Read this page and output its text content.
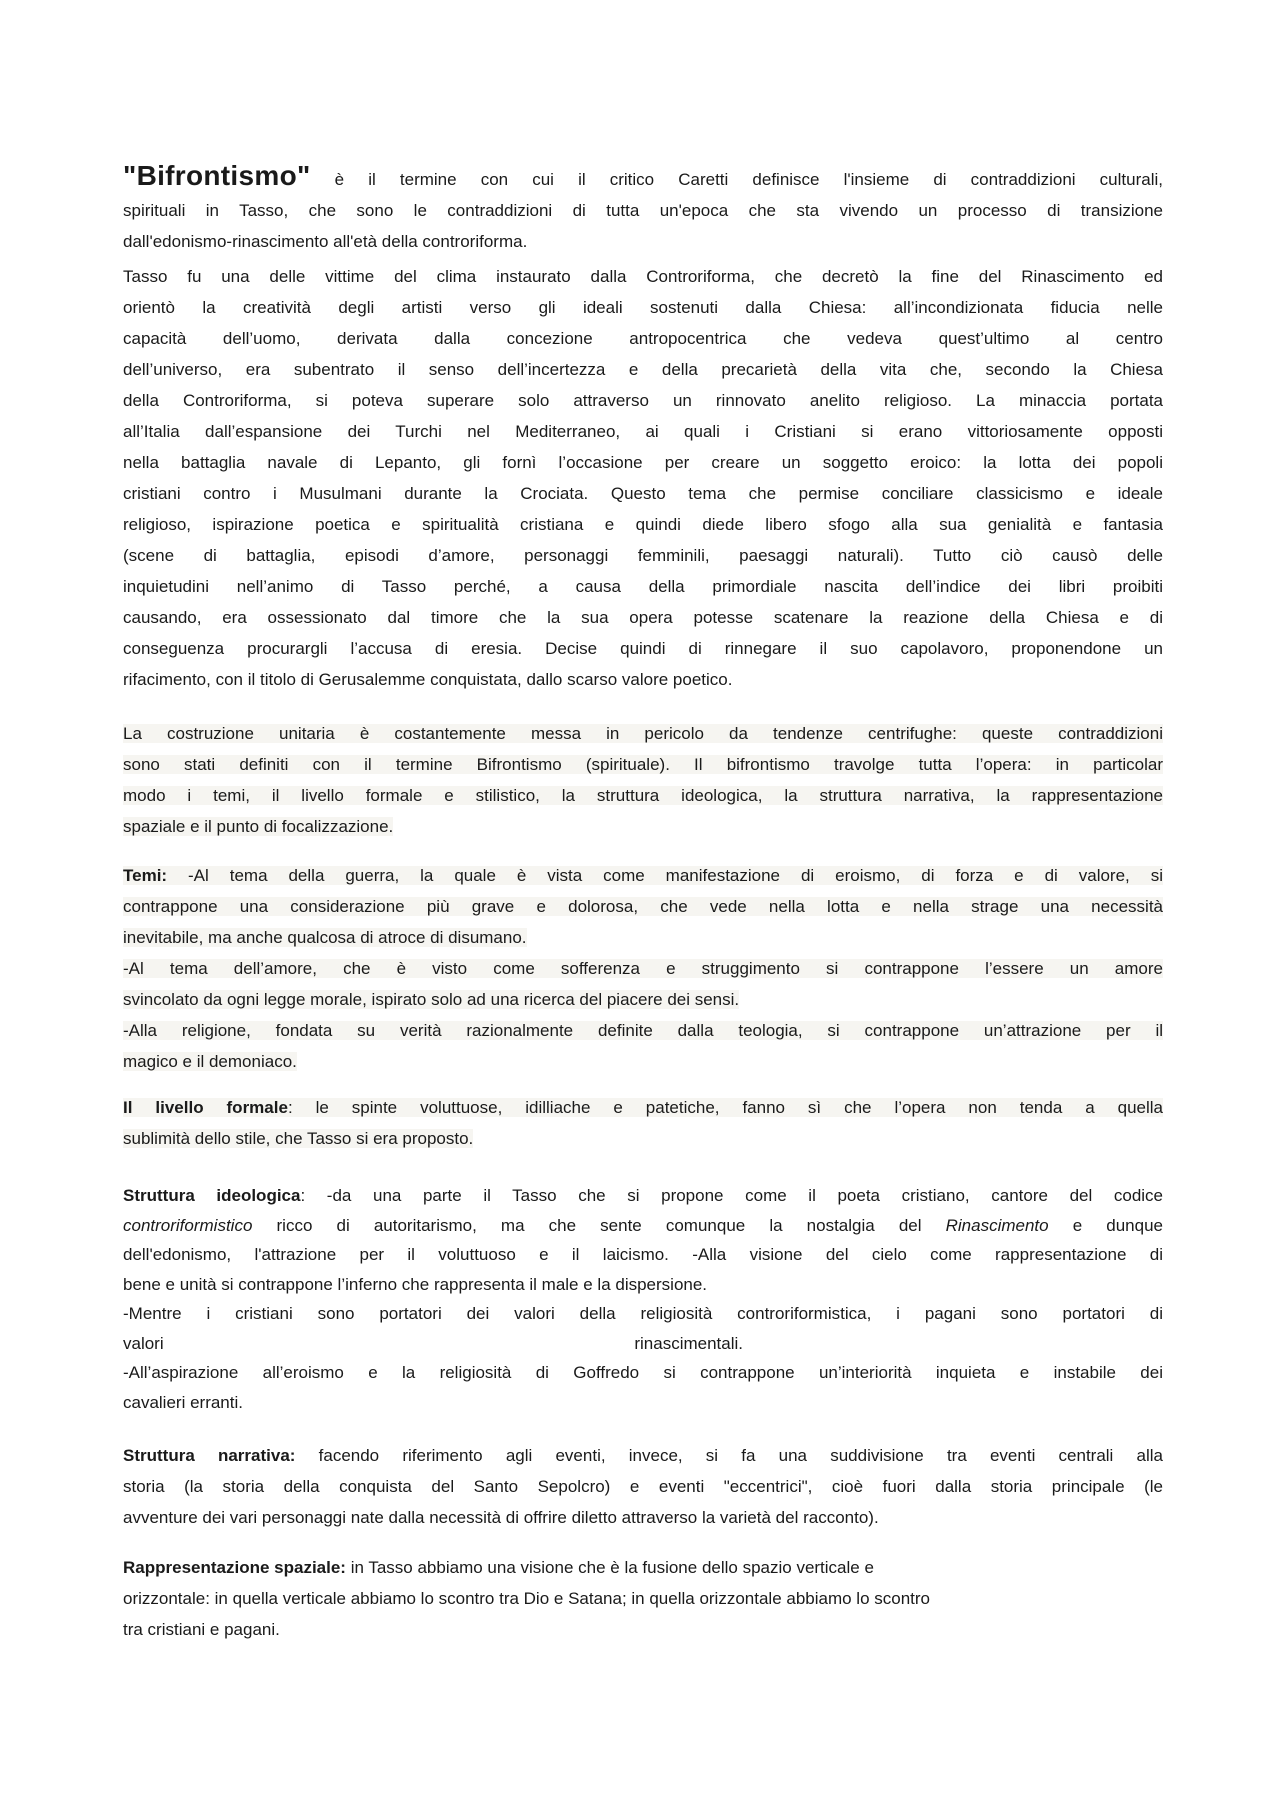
"Bifrontismo" è il termine con cui il critico Caretti definisce l'insieme di contraddizioni culturali,
spirituali in Tasso, che sono le contraddizioni di tutta un'epoca che sta vivendo un processo di transizione
dall'edonismo-rinascimento all'età della controriforma.
Tasso fu una delle vittime del clima instaurato dalla Controriforma, che decretò la fine del Rinascimento ed
orientò la creatività degli artisti verso gli ideali sostenuti dalla Chiesa: all’incondizionata fiducia nelle
capacità dell’uomo, derivata dalla concezione antropocentrica che vedeva quest’ultimo al centro
dell’universo, era subentrato il senso dell’incertezza e della precarietà della vita che, secondo la Chiesa
della Controriforma, si poteva superare solo attraverso un rinnovato anelito religioso. La minaccia portata
all’Italia dall’espansione dei Turchi nel Mediterraneo, ai quali i Cristiani si erano vittoriosamente opposti
nella battaglia navale di Lepanto, gli fornì l’occasione per creare un soggetto eroico: la lotta dei popoli
cristiani contro i Musulmani durante la Crociata. Questo tema che permise conciliare classicismo e ideale
religioso, ispirazione poetica e spiritualità cristiana e quindi diede libero sfogo alla sua genialità e fantasia
(scene di battaglia, episodi d’amore, personaggi femminili, paesaggi naturali). Tutto ciò causò delle
inquietudini nell’animo di Tasso perché, a causa della primordiale nascita dell’indice dei libri proibiti
causando, era ossessionato dal timore che la sua opera potesse scatenare la reazione della Chiesa e di
conseguenza procurargli l’accusa di eresia. Decise quindi di rinnegare il suo capolavoro, proponendone un
rifacimento, con il titolo di Gerusalemme conquistata, dallo scarso valore poetico.
La costruzione unitaria è costantemente messa in pericolo da tendenze centrifughe: queste contraddizioni
sono stati definiti con il termine Bifrontismo (spirituale). Il bifrontismo travolge tutta l’opera: in particolar
modo i temi, il livello formale e stilistico, la struttura ideologica, la struttura narrativa, la rappresentazione
spaziale e il punto di focalizzazione.
Temi: -Al tema della guerra, la quale è vista come manifestazione di eroismo, di forza e di valore, si
contrappone una considerazione più grave e dolorosa, che vede nella lotta e nella strage una necessità
inevitabile, ma anche qualcosa di atroce di disumano.
-Al tema dell’amore, che è visto come sofferenza e struggimento si contrappone l’essere un amore
svincolato da ogni legge morale, ispirato solo ad una ricerca del piacere dei sensi.
-Alla religione, fondata su verità razionalmente definite dalla teologia, si contrappone un’attrazione per il
magico e il demoniaco.
Il livello formale: le spinte voluttuose, idilliache e patetiche, fanno sì che l’opera non tenda a quella
sublimità dello stile, che Tasso si era proposto.
Struttura ideologica: -da una parte il Tasso che si propone come il poeta cristiano, cantore del codice
controriformistico ricco di autoritarismo, ma che sente comunque la nostalgia del Rinascimento e dunque
dell'edonismo, l'attrazione per il voluttuoso e il laicismo. -Alla visione del cielo come rappresentazione di
bene e unità si contrappone l’inferno che rappresenta il male e la dispersione.
-Mentre i cristiani sono portatori dei valori della religiosità controriformistica, i pagani sono portatori di
valori	rinascimentali.
-All’aspirazione all’eroismo e la religiosità di Goffredo si contrappone un’interiorità inquieta e instabile dei
cavalieri erranti.
Struttura narrativa: facendo riferimento agli eventi, invece, si fa una suddivisione tra eventi centrali alla
storia (la storia della conquista del Santo Sepolcro) e eventi "eccentrici", cioè fuori dalla storia principale (le
avventure dei vari personaggi nate dalla necessità di offrire diletto attraverso la varietà del racconto).
Rappresentazione spaziale: in Tasso abbiamo una visione che è la fusione dello spazio verticale e
orizzontale: in quella verticale abbiamo lo scontro tra Dio e Satana; in quella orizzontale abbiamo lo scontro
tra cristiani e pagani.
